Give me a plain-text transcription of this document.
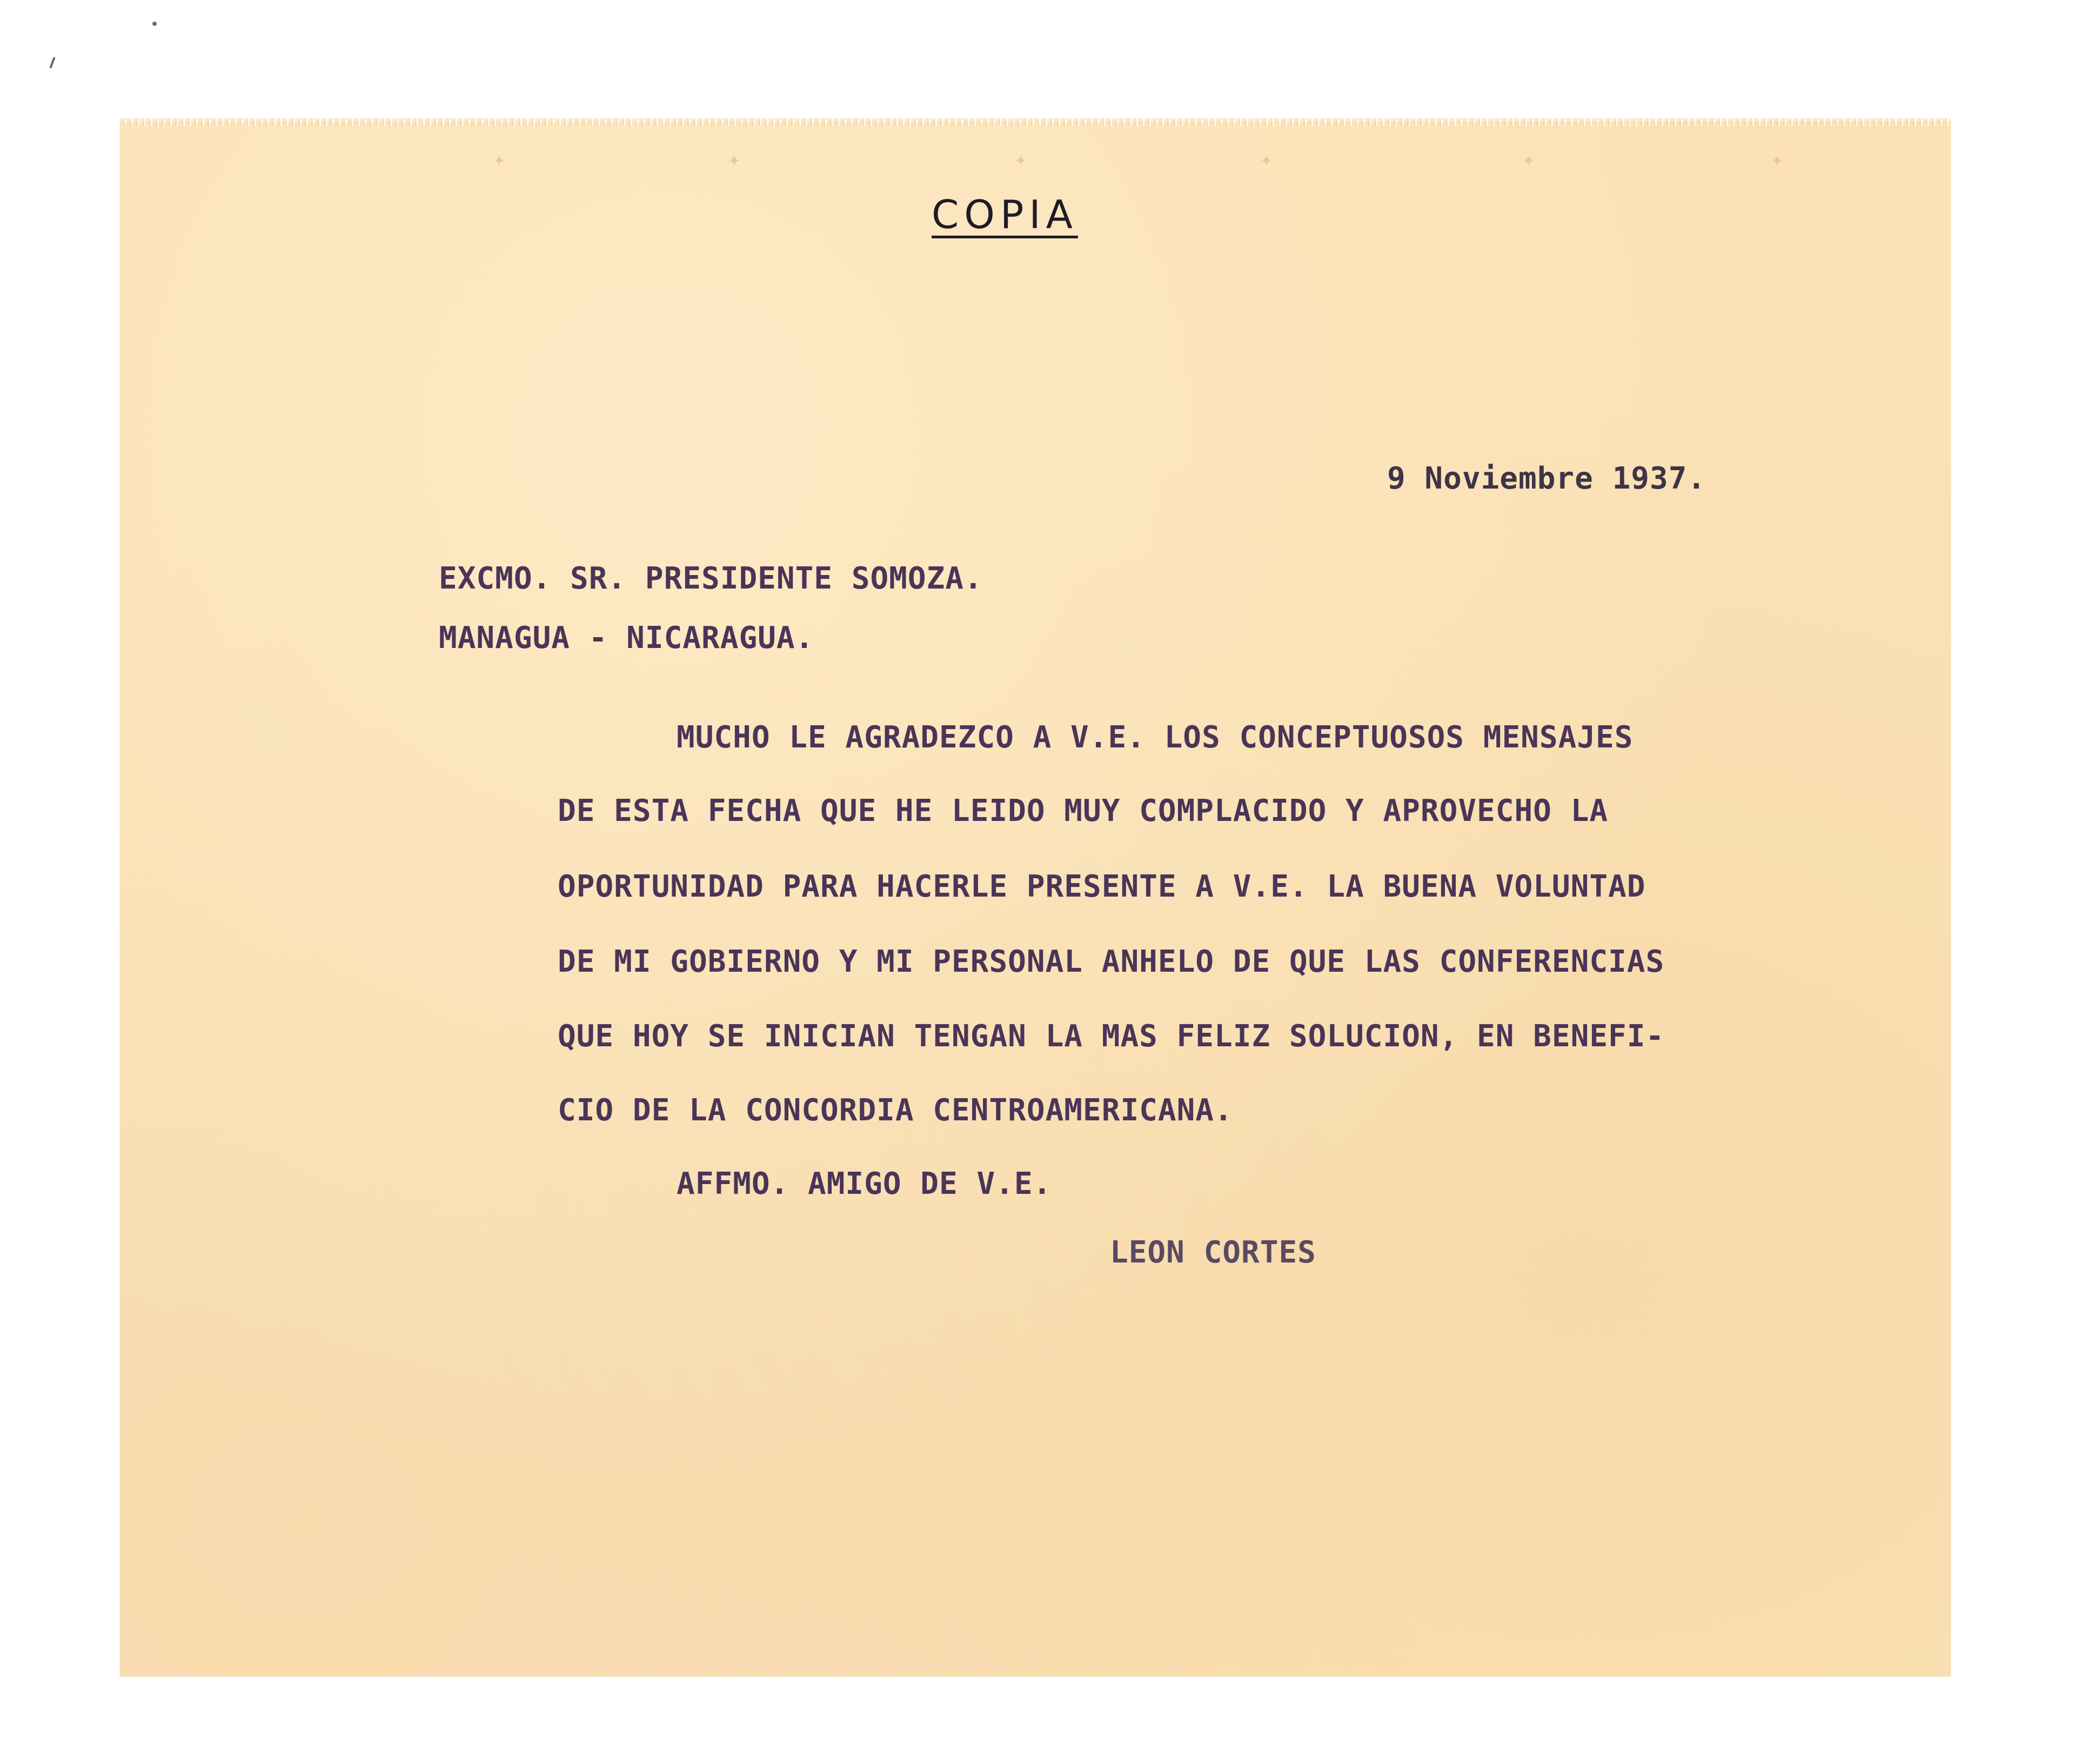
✦	✦	✦	✦	✦	✦
COPIA
9 Noviembre 1937.
EXCMO. SR. PRESIDENTE SOMOZA.
MANAGUA - NICARAGUA.
MUCHO LE AGRADEZCO A V.E. LOS CONCEPTUOSOS MENSAJES
DE ESTA FECHA QUE HE LEIDO MUY COMPLACIDO Y APROVECHO LA
OPORTUNIDAD PARA HACERLE PRESENTE A V.E. LA BUENA VOLUNTAD
DE MI GOBIERNO Y MI PERSONAL ANHELO DE QUE LAS CONFERENCIAS
QUE HOY SE INICIAN TENGAN LA MAS FELIZ SOLUCION, EN BENEFI-
CIO DE LA CONCORDIA CENTROAMERICANA.
AFFMO. AMIGO DE V.E.
LEON CORTES
